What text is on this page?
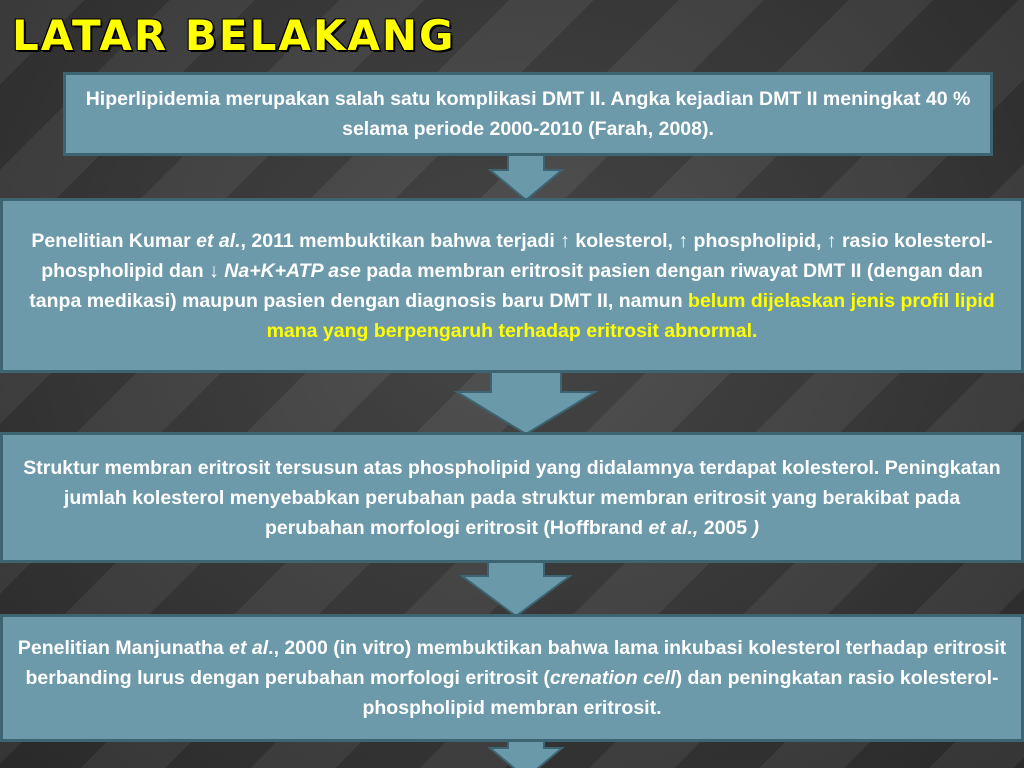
LATAR BELAKANG

Hiperlipidemia merupakan salah satu komplikasi DMT II. Angka kejadian DMT II meningkat 40 % selama periode 2000-2010 (Farah, 2008).

Penelitian Kumar et al., 2011 membuktikan bahwa terjadi ↑ kolesterol, ↑ phospholipid, ↑ rasio kolesterol-phospholipid dan ↓ Na+K+ATP ase pada membran eritrosit pasien dengan riwayat DMT II (dengan dan tanpa medikasi) maupun pasien dengan diagnosis baru DMT II, namun belum dijelaskan jenis profil lipid mana yang berpengaruh terhadap eritrosit abnormal.

Struktur membran eritrosit tersusun atas phospholipid yang didalamnya terdapat kolesterol. Peningkatan jumlah kolesterol menyebabkan perubahan pada struktur membran eritrosit yang berakibat pada perubahan morfologi eritrosit (Hoffbrand et al., 2005 )

Penelitian Manjunatha et al., 2000 (in vitro) membuktikan bahwa lama inkubasi kolesterol terhadap eritrosit berbanding lurus dengan perubahan morfologi eritrosit (crenation cell) dan peningkatan rasio kolesterol-phospholipid membran eritrosit.
